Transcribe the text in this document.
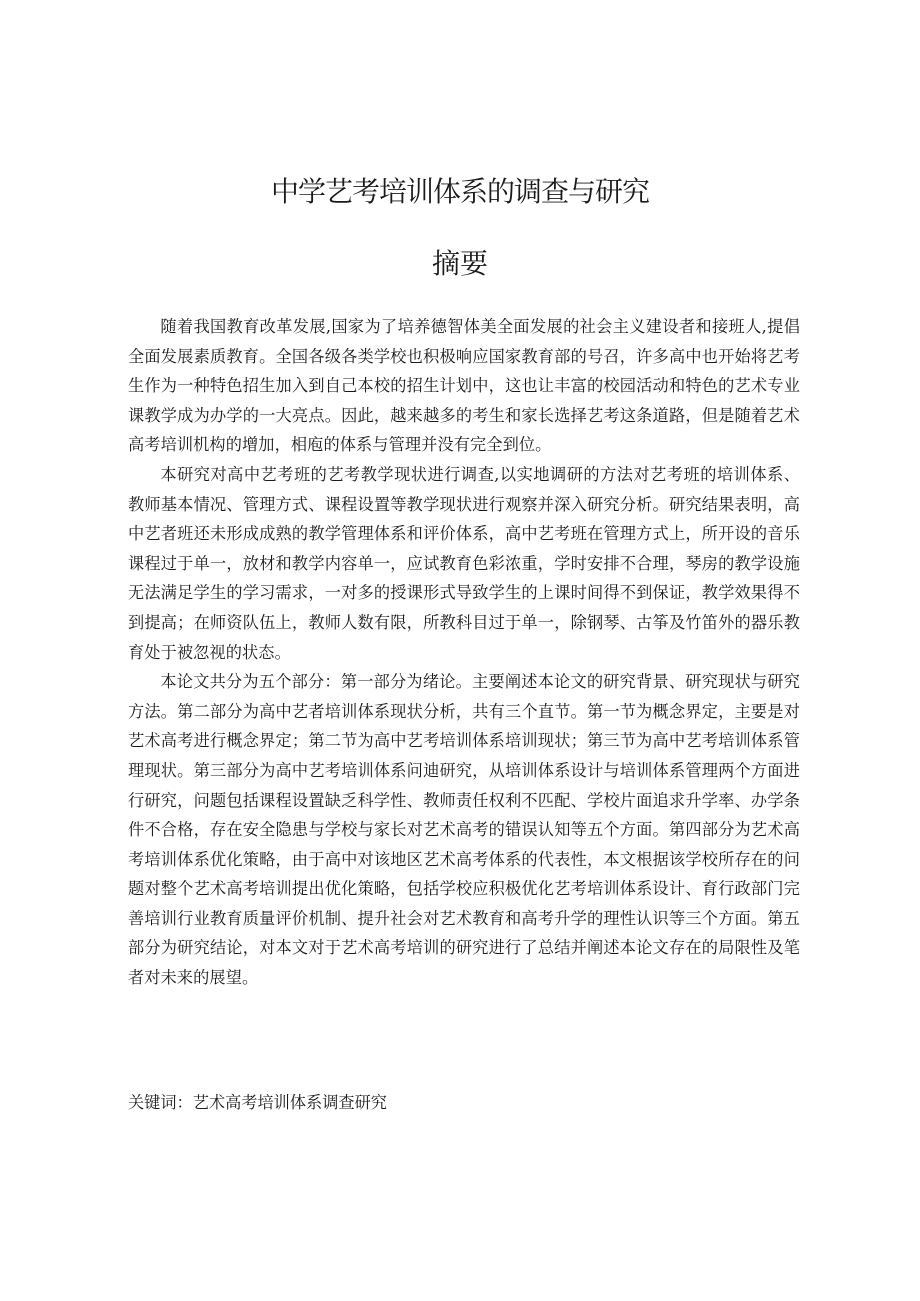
中学艺考培训体系的调查与研究
摘要

随着我国教育改革发展,国家为了培养德智体美全面发展的社会主义建设者和接班人,提倡全面发展素质教育。全国各级各类学校也积极响应国家教育部的号召，许多高中也开始将艺考生作为一种特色招生加入到自己本校的招生计划中，这也让丰富的校园活动和特色的艺术专业课教学成为办学的一大亮点。因此，越来越多的考生和家长选择艺考这条道路，但是随着艺术高考培训机构的增加，相庖的体系与管理并没有完全到位。

本研究对高中艺考班的艺考教学现状进行调查,以实地调研的方法对艺考班的培训体系、教师基本情况、管理方式、课程设置等教学现状进行观察并深入研究分析。研究结果表明，高中艺者班还未形成成熟的教学管理体系和评价体系，高中艺考班在管理方式上，所开设的音乐课程过于单一，放材和教学内容单一，应试教育色彩浓重，学时安排不合理，琴房的教学设施无法满足学生的学习需求，一对多的授课形式导致学生的上课时间得不到保证，教学效果得不到提高；在师资队伍上，教师人数有限，所教科目过于单一，除钢琴、古筝及竹笛外的器乐教育处于被忽视的状态。

本论文共分为五个部分：第一部分为绪论。主要阐述本论文的研究背景、研究现状与研究方法。第二部分为高中艺者培训体系现状分析，共有三个直节。第一节为概念界定，主要是对艺术高考进行概念界定；第二节为高中艺考培训体系培训现状；第三节为高中艺考培训体系管理现状。第三部分为高中艺考培训体系问迪研究，从培训体系设计与培训体系管理两个方面进行研究，问题包括课程设置缺乏科学性、教师责任权利不匹配、学校片面追求升学率、办学条件不合格，存在安全隐患与学校与家长对艺术高考的错误认知等五个方面。第四部分为艺术高考培训体系优化策略，由于高中对该地区艺术高考体系的代表性，本文根据该学校所存在的问题对整个艺术高考培训提出优化策略，包括学校应积极优化艺考培训体系设计、育行政部门完善培训行业教育质量评价机制、提升社会对艺术教育和高考升学的理性认识等三个方面。第五部分为研究结论，对本文对于艺术高考培训的研究进行了总结并阐述本论文存在的局限性及笔者对未来的展望。

关键词：艺术高考培训体系调查研究
